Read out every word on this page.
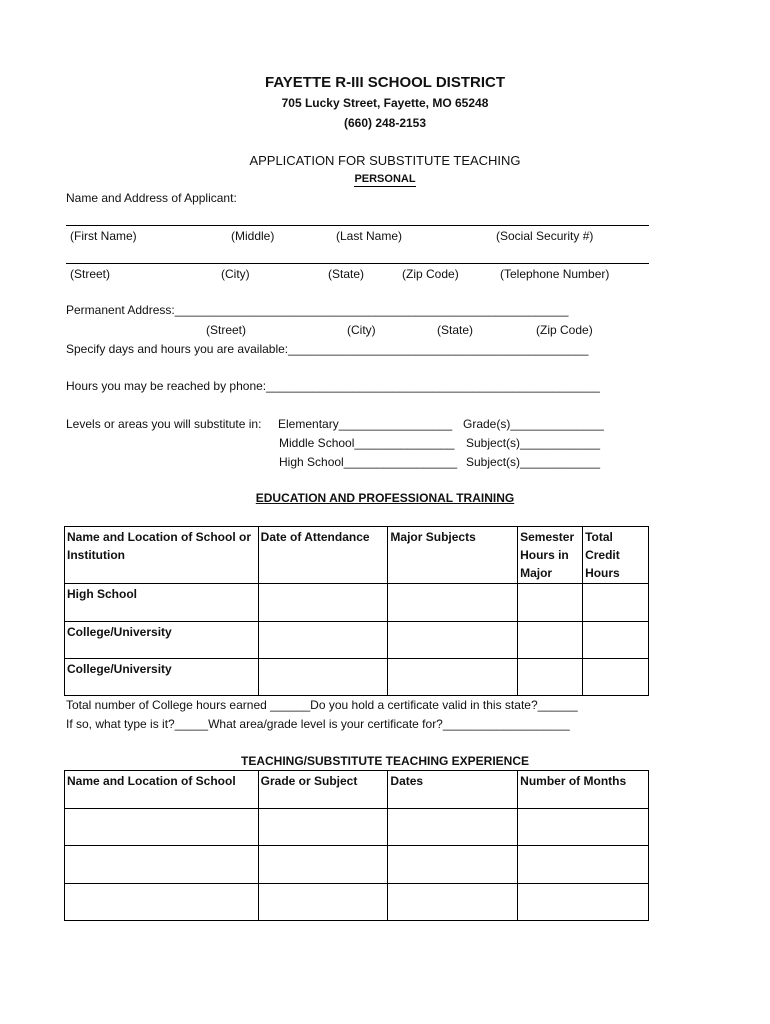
FAYETTE R-III SCHOOL DISTRICT
705 Lucky Street, Fayette, MO 65248
(660) 248-2153
APPLICATION FOR SUBSTITUTE TEACHING
PERSONAL
Name and Address of Applicant:
(First Name)	(Middle)	(Last Name)	(Social Security #)
(Street)	(City)	(State)	(Zip Code)	(Telephone Number)
Permanent Address:___________________________________________________________
(Street)	(City)	(State)	(Zip Code)
Specify days and hours you are available:_____________________________________________
Hours you may be reached by phone:__________________________________________________
Levels or areas you will substitute in: Elementary_________________ Grade(s)______________
Middle School_______________ Subject(s)____________
High School_________________ Subject(s)____________
EDUCATION AND PROFESSIONAL TRAINING
Name and Location of School or Institution	Date of Attendance	Major Subjects	Semester Hours in Major	Total Credit Hours
High School				
College/University				
College/University				
Total number of College hours earned ______Do you hold a certificate valid in this state?______
If so, what type is it?_____What area/grade level is your certificate for?___________________
TEACHING/SUBSTITUTE TEACHING EXPERIENCE
Name and Location of School	Grade or Subject	Dates	Number of Months
